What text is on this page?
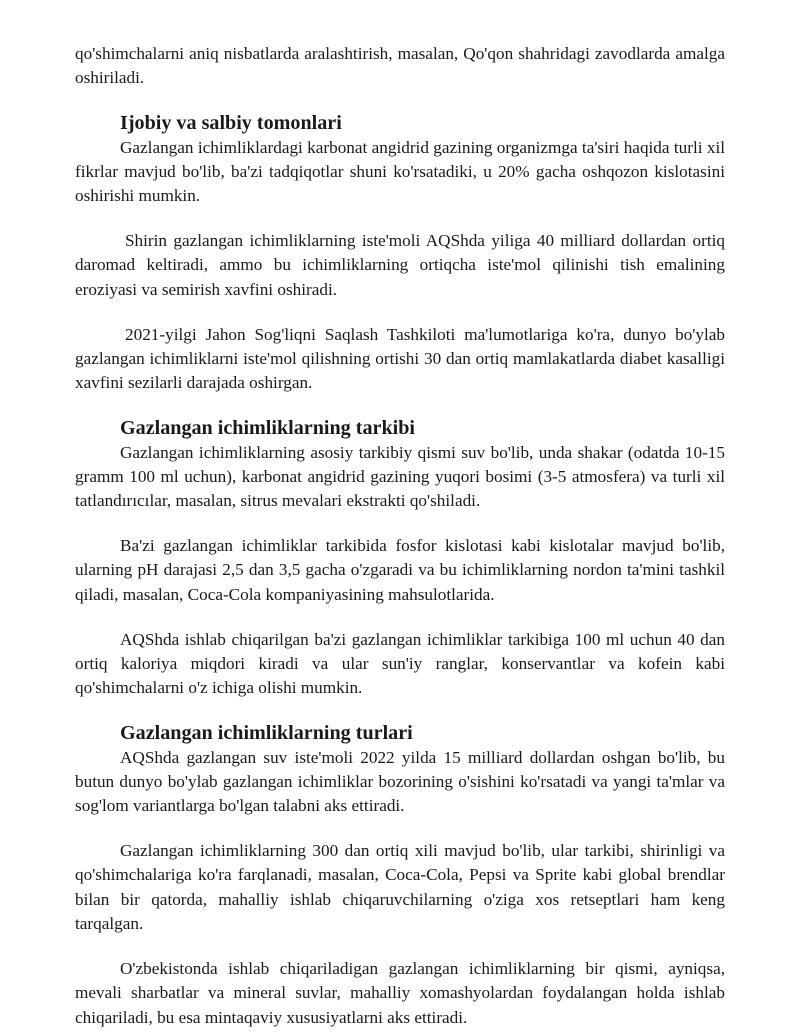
qo'shimchalarni aniq nisbatlarda aralashtirish, masalan, Qo'qon shahridagi zavodlarda amalga oshiriladi.

Ijobiy va salbiy tomonlari

Gazlangan ichimliklardagi karbonat angidrid gazining organizmga ta'siri haqida turli xil fikrlar mavjud bo'lib, ba'zi tadqiqotlar shuni ko'rsatadiki, u 20% gacha oshqozon kislotasini oshirishi mumkin.

Shirin gazlangan ichimliklarning iste'moli AQShda yiliga 40 milliard dollardan ortiq daromad keltiradi, ammo bu ichimliklarning ortiqcha iste'mol qilinishi tish emalining eroziyasi va semirish xavfini oshiradi.

2021-yilgi Jahon Sog'liqni Saqlash Tashkiloti ma'lumotlariga ko'ra, dunyo bo'ylab gazlangan ichimliklarni iste'mol qilishning ortishi 30 dan ortiq mamlakatlarda diabet kasalligi xavfini sezilarli darajada oshirgan.

Gazlangan ichimliklarning tarkibi

Gazlangan ichimliklarning asosiy tarkibiy qismi suv bo'lib, unda shakar (odatda 10-15 gramm 100 ml uchun), karbonat angidrid gazining yuqori bosimi (3-5 atmosfera) va turli xil tatlandırıcılar, masalan, sitrus mevalari ekstrakti qo'shiladi.

Ba'zi gazlangan ichimliklar tarkibida fosfor kislotasi kabi kislotalar mavjud bo'lib, ularning pH darajasi 2,5 dan 3,5 gacha o'zgaradi va bu ichimliklarning nordon ta'mini tashkil qiladi, masalan, Coca-Cola kompaniyasining mahsulotlarida.

AQShda ishlab chiqarilgan ba'zi gazlangan ichimliklar tarkibiga 100 ml uchun 40 dan ortiq kaloriya miqdori kiradi va ular sun'iy ranglar, konservantlar va kofein kabi qo'shimchalarni o'z ichiga olishi mumkin.

Gazlangan ichimliklarning turlari

AQShda gazlangan suv iste'moli 2022 yilda 15 milliard dollardan oshgan bo'lib, bu butun dunyo bo'ylab gazlangan ichimliklar bozorining o'sishini ko'rsatadi va yangi ta'mlar va sog'lom variantlarga bo'lgan talabni aks ettiradi.

Gazlangan ichimliklarning 300 dan ortiq xili mavjud bo'lib, ular tarkibi, shirinligi va qo'shimchalariga ko'ra farqlanadi, masalan, Coca-Cola, Pepsi va Sprite kabi global brendlar bilan bir qatorda, mahalliy ishlab chiqaruvchilarning o'ziga xos retseptlari ham keng tarqalgan.

O'zbekistonda ishlab chiqariladigan gazlangan ichimliklarning bir qismi, ayniqsa, mevali sharbatlar va mineral suvlar, mahalliy xomashyolardan foydalangan holda ishlab chiqariladi, bu esa mintaqaviy xususiyatlarni aks ettiradi.
